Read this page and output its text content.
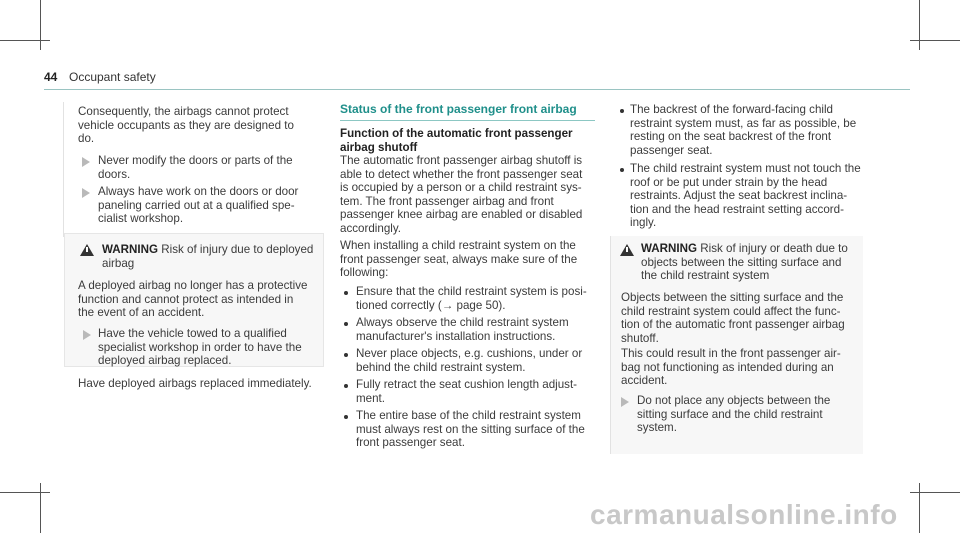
44 Occupant safety
Consequently, the airbags cannot protect
vehicle occupants as they are designed to
do.
Never modify the doors or parts of the
doors.
Always have work on the doors or door
paneling carried out at a qualified spe-
cialist workshop.
WARNING Risk of injury due to deployed
airbag
A deployed airbag no longer has a protective
function and cannot protect as intended in
the event of an accident.
Have the vehicle towed to a qualified
specialist workshop in order to have the
deployed airbag replaced.
Have deployed airbags replaced immediately.
Status of the front passenger front airbag
Function of the automatic front passenger
airbag shutoff
The automatic front passenger airbag shutoff is
able to detect whether the front passenger seat
is occupied by a person or a child restraint sys-
tem. The front passenger airbag and front
passenger knee airbag are enabled or disabled
accordingly.
When installing a child restraint system on the
front passenger seat, always make sure of the
following:
Ensure that the child restraint system is posi-
tioned correctly (→ page 50).
Always observe the child restraint system
manufacturer's installation instructions.
Never place objects, e.g. cushions, under or
behind the child restraint system.
Fully retract the seat cushion length adjust-
ment.
The entire base of the child restraint system
must always rest on the sitting surface of the
front passenger seat.
The backrest of the forward-facing child
restraint system must, as far as possible, be
resting on the seat backrest of the front
passenger seat.
The child restraint system must not touch the
roof or be put under strain by the head
restraints. Adjust the seat backrest inclina-
tion and the head restraint setting accord-
ingly.
WARNING Risk of injury or death due to
objects between the sitting surface and
the child restraint system
Objects between the sitting surface and the
child restraint system could affect the func-
tion of the automatic front passenger airbag
shutoff.
This could result in the front passenger air-
bag not functioning as intended during an
accident.
Do not place any objects between the
sitting surface and the child restraint
system.
carmanualsonline.info
